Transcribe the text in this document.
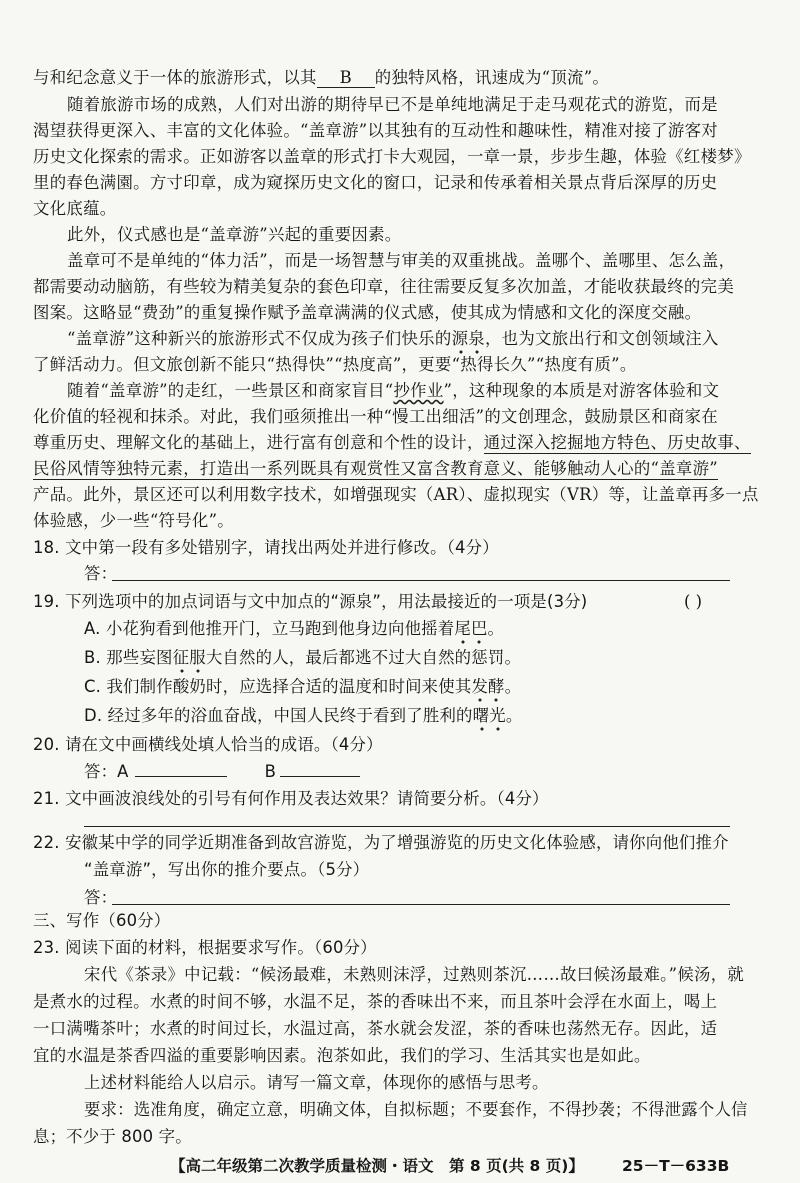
与和纪念意义于一体的旅游形式，以其 B 的独特风格，讯速成为“顶流”。
随着旅游市场的成熟，人们对出游的期待早已不是单纯地满足于走马观花式的游览，而是
渴望获得更深入、丰富的文化体验。“盖章游”以其独有的互动性和趣味性，精准对接了游客对
历史文化探索的需求。正如游客以盖章的形式打卡大观园，一章一景，步步生趣，体验《红楼梦》
里的春色满園。方寸印章，成为窥探历史文化的窗口，记录和传承着相关景点背后深厚的历史
文化底蕴。
此外，仪式感也是“盖章游”兴起的重要因素。
盖章可不是单纯的“体力活”，而是一场智慧与审美的双重挑战。盖哪个、盖哪里、怎么盖，
都需要动动脑筋，有些较为精美复杂的套色印章，往往需要反复多次加盖，才能收获最终的完美
图案。这略显“费劲”的重复操作赋予盖章满满的仪式感，使其成为情感和文化的深度交融。
“盖章游”这种新兴的旅游形式不仅成为孩子们快乐的源泉，也为文旅出行和文创领域注入
了鲜活动力。但文旅创新不能只“热得快”“热度高”，更要“热得长久”“热度有质”。
随着“盖章游”的走红，一些景区和商家盲目“抄作业”，这种现象的本质是对游客体验和文
化价值的轻视和抹杀。对此，我们亟须推出一种“慢工出细活”的文创理念，鼓励景区和商家在
尊重历史、理解文化的基础上，进行富有创意和个性的设计，通过深入挖掘地方特色、历史故事、
民俗风情等独特元素，打造出一系列既具有观赏性又富含教育意义、能够触动人心的“盖章游”
产品。此外，景区还可以利用数字技术，如增强现实（AR）、虚拟现实（VR）等，让盖章再多一点
体验感，少一些“符号化”。
18. 文中第一段有多处错别字，请找出两处并进行修改。（4分）
答：
19. 下列选项中的加点词语与文中加点的“源泉”，用法最接近的一项是(3分)	( )
A. 小花狗看到他推开门，立马跑到他身边向他摇着尾巴。
B. 那些妄图征服大自然的人，最后都逃不过大自然的惩罚。
C. 我们制作酸奶时，应选择合适的温度和时间来使其发酵。
D. 经过多年的浴血奋战，中国人民终于看到了胜利的曙光。
20. 请在文中画横线处填人恰当的成语。（4分）
答：A	B
21. 文中画波浪线处的引号有何作用及表达效果？请简要分析。（4分）
22. 安徽某中学的同学近期准备到故宫游览，为了增强游览的历史文化体验感，请你向他们推介
“盖章游”，写出你的推介要点。（5分）
答：
三、写作（60分）
23. 阅读下面的材料，根据要求写作。（60分）
宋代《茶录》中记载：“候汤最难，未熟则沫浮，过熟则茶沉……故曰候汤最难。”候汤，就
是煮水的过程。水煮的时间不够，水温不足，茶的香味出不来，而且茶叶会浮在水面上，喝上
一口满嘴茶叶；水煮的时间过长，水温过高，茶水就会发涩，茶的香味也荡然无存。因此，适
宜的水温是茶香四溢的重要影响因素。泡茶如此，我们的学习、生活其实也是如此。
上述材料能给人以启示。请写一篇文章，体现你的感悟与思考。
要求：选准角度，确定立意，明确文体，自拟标题；不要套作，不得抄袭；不得泄露个人信
息；不少于 800 字。
【高二年级第二次教学质量检测・语文　第 8 页(共 8 页)】 25－T－633B
